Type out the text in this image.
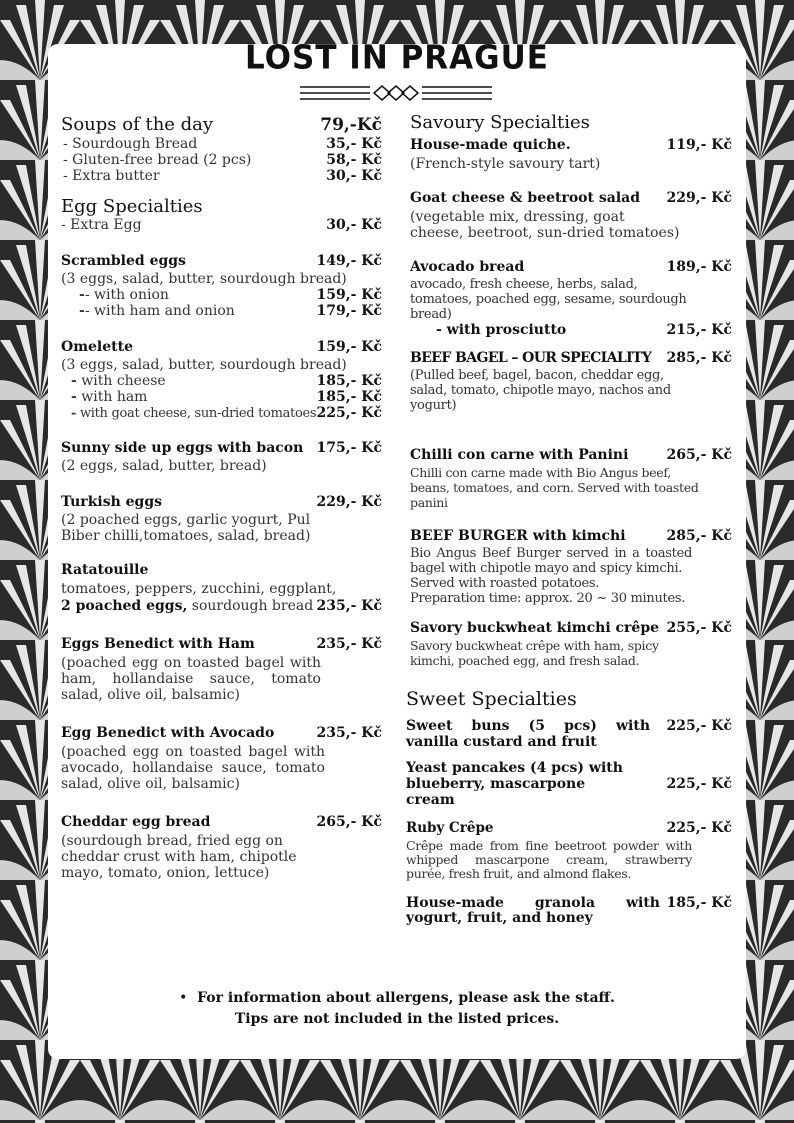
LOST IN PRAGUE
Soups of the day	79,-Kč
- Sourdough Bread	35,- Kč
- Gluten-free bread (2 pcs)	58,- Kč
- Extra butter	30,- Kč
Egg Specialties
- Extra Egg	30,- Kč
Scrambled eggs	149,- Kč
(3 eggs, salad, butter, sourdough bread)
-- with onion	159,- Kč
-- with ham and onion	179,- Kč
Omelette	159,- Kč
(3 eggs, salad, butter, sourdough bread)
- with cheese	185,- Kč
- with ham	185,- Kč
- with goat cheese, sun-dried tomatoes 225,- Kč
Sunny side up eggs with bacon 175,- Kč
(2 eggs, salad, butter, bread)
Turkish eggs	229,- Kč
(2 poached eggs, garlic yogurt, Pul Biber chilli,tomatoes, salad, bread)
Ratatouille
tomatoes, peppers, zucchini, eggplant,
2 poached eggs, sourdough bread 235,- Kč
Eggs Benedict with Ham	235,- Kč
(poached egg on toasted bagel with ham, hollandaise sauce, tomato salad, olive oil, balsamic)
Egg Benedict with Avocado	235,- Kč
(poached egg on toasted bagel with avocado, hollandaise sauce, tomato salad, olive oil, balsamic)
Cheddar egg bread	265,- Kč
(sourdough bread, fried egg on cheddar crust with ham, chipotle mayo, tomato, onion, lettuce)
Savoury Specialties
House-made quiche.	119,- Kč
(French-style savoury tart)
Goat cheese & beetroot salad 229,- Kč
(vegetable mix, dressing, goat cheese, beetroot, sun-dried tomatoes)
Avocado bread	189,- Kč
avocado, fresh cheese, herbs, salad, tomatoes, poached egg, sesame, sourdough bread)
- with prosciutto	215,- Kč
BEEF BAGEL – OUR SPECIALITY 285,- Kč
(Pulled beef, bagel, bacon, cheddar egg, salad, tomato, chipotle mayo, nachos and yogurt)
Chilli con carne with Panini	265,- Kč
Chilli con carne made with Bio Angus beef, beans, tomatoes, and corn. Served with toasted panini
BEEF BURGER with kimchi	285,- Kč
Bio Angus Beef Burger served in a toasted bagel with chipotle mayo and spicy kimchi.
Served with roasted potatoes.
Preparation time: approx. 20 ~ 30 minutes.
Savory buckwheat kimchi crêpe 255,- Kč
Savory buckwheat crêpe with ham, spicy kimchi, poached egg, and fresh salad.
Sweet Specialties
Sweet buns (5 pcs) with vanilla custard and fruit
225,- Kč
Yeast pancakes (4 pcs) with blueberry, mascarpone cream
225,- Kč
Ruby Crêpe	225,- Kč
Crêpe made from fine beetroot powder with whipped mascarpone cream, strawberry purée, fresh fruit, and almond flakes.
House-made granola with yogurt, fruit, and honey
185,- Kč
• For information about allergens, please ask the staff.
Tips are not included in the listed prices.
